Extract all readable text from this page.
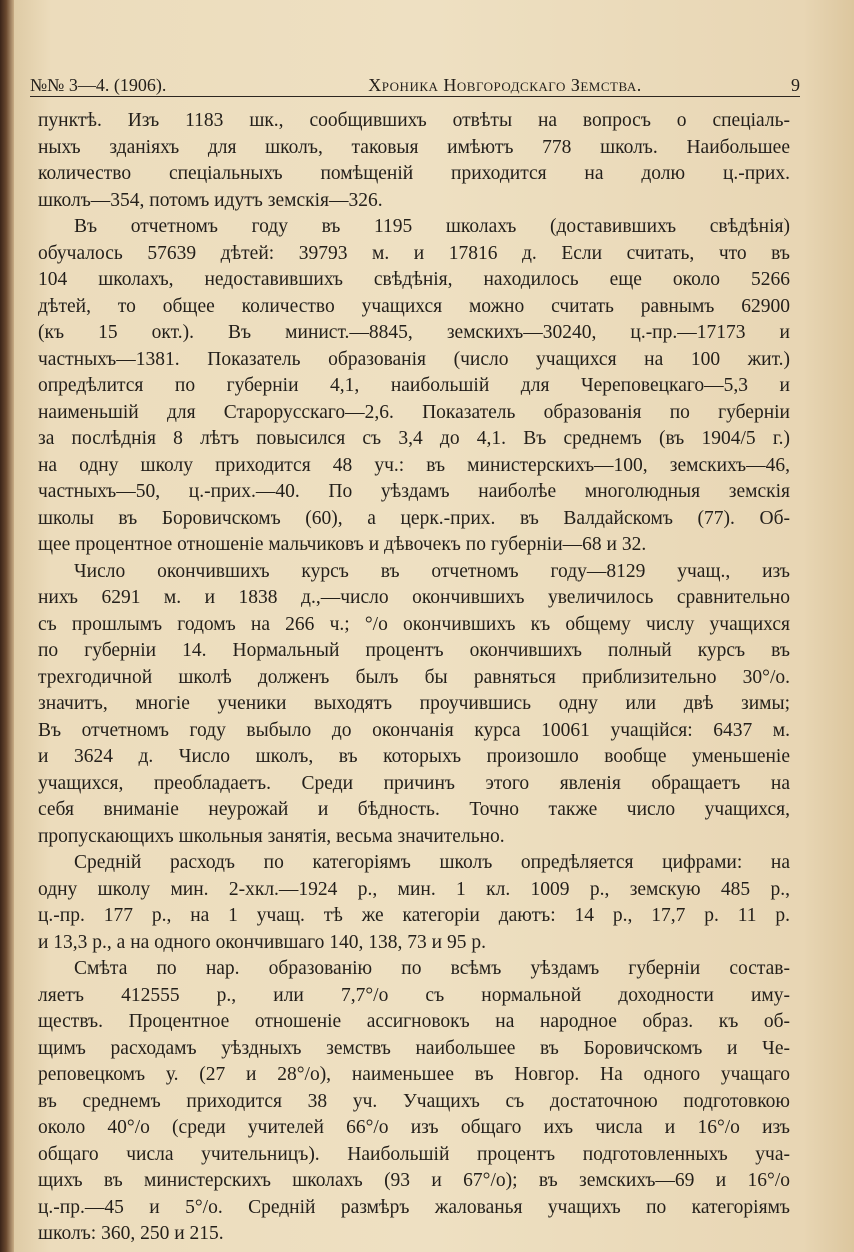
№№ 3—4. (1906).	Хроника Новгородскаго Земства.	9

пунктѣ. Изъ 1183 шк., сообщившихъ отвѣты на вопросъ о спеціаль-
ныхъ зданіяхъ для школъ, таковыя имѣютъ 778 школъ. Наибольшее
количество спеціальныхъ помѣщеній приходится на долю ц.-прих.
школъ—354, потомъ идутъ земскія—326.

Въ отчетномъ году въ 1195 школахъ (доставившихъ свѣдѣнія)
обучалось 57639 дѣтей: 39793 м. и 17816 д. Если считать, что въ
104 школахъ, недоставившихъ свѣдѣнія, находилось еще около 5266
дѣтей, то общее количество учащихся можно считать равнымъ 62900
(къ 15 окт.). Въ минист.—8845, земскихъ—30240, ц.-пр.—17173 и
частныхъ—1381. Показатель образованія (число учащихся на 100 жит.)
опредѣлится по губерніи 4,1, наибольшій для Череповецкаго—5,3 и
наименьшій для Старорусскаго—2,6. Показатель образованія по губерніи
за послѣднія 8 лѣтъ повысился съ 3,4 до 4,1. Въ среднемъ (въ 1904/5 г.)
на одну школу приходится 48 уч.: въ министерскихъ—100, земскихъ—46,
частныхъ—50, ц.-прих.—40. По уѣздамъ наиболѣе многолюдныя земскія
школы въ Боровичскомъ (60), а церк.-прих. въ Валдайскомъ (77). Об-
щее процентное отношеніе мальчиковъ и дѣвочекъ по губерніи—68 и 32.

Число окончившихъ курсъ въ отчетномъ году—8129 учащ., изъ
нихъ 6291 м. и 1838 д.,—число окончившихъ увеличилось сравнительно
съ прошлымъ годомъ на 266 ч.; °/о окончившихъ къ общему числу учащихся
по губерніи 14. Нормальный процентъ окончившихъ полный курсъ въ
трехгодичной школѣ долженъ былъ бы равняться приблизительно 30°/о.
значитъ, многіе ученики выходятъ проучившись одну или двѣ зимы;
Въ отчетномъ году выбыло до окончанія курса 10061 учащійся: 6437 м.
и 3624 д. Число школъ, въ которыхъ произошло вообще уменьшеніе
учащихся, преобладаетъ. Среди причинъ этого явленія обращаетъ на
себя вниманіе неурожай и бѣдность. Точно также число учащихся,
пропускающихъ школьныя занятія, весьма значительно.

Средній расходъ по категоріямъ школъ опредѣляется цифрами: на
одну школу мин. 2-хкл.—1924 р., мин. 1 кл. 1009 р., земскую 485 р.,
ц.-пр. 177 р., на 1 учащ. тѣ же категоріи даютъ: 14 р., 17,7 р. 11 р.
и 13,3 р., а на одного окончившаго 140, 138, 73 и 95 р.

Смѣта по нар. образованію по всѣмъ уѣздамъ губерніи состав-
ляетъ 412555 р., или 7,7°/о съ нормальной доходности иму-
ществъ. Процентное отношеніе ассигновокъ на народное образ. къ об-
щимъ расходамъ уѣздныхъ земствъ наибольшее въ Боровичскомъ и Че-
реповецкомъ у. (27 и 28°/о), наименьшее въ Новгор. На одного учащаго
въ среднемъ приходится 38 уч. Учащихъ съ достаточною подготовкою
около 40°/о (среди учителей 66°/о изъ общаго ихъ числа и 16°/о изъ
общаго числа учительницъ). Наибольшій процентъ подготовленныхъ уча-
щихъ въ министерскихъ школахъ (93 и 67°/о); въ земскихъ—69 и 16°/о
ц.-пр.—45 и 5°/о. Средній размѣръ жалованья учащихъ по категоріямъ
школъ: 360, 250 и 215.
